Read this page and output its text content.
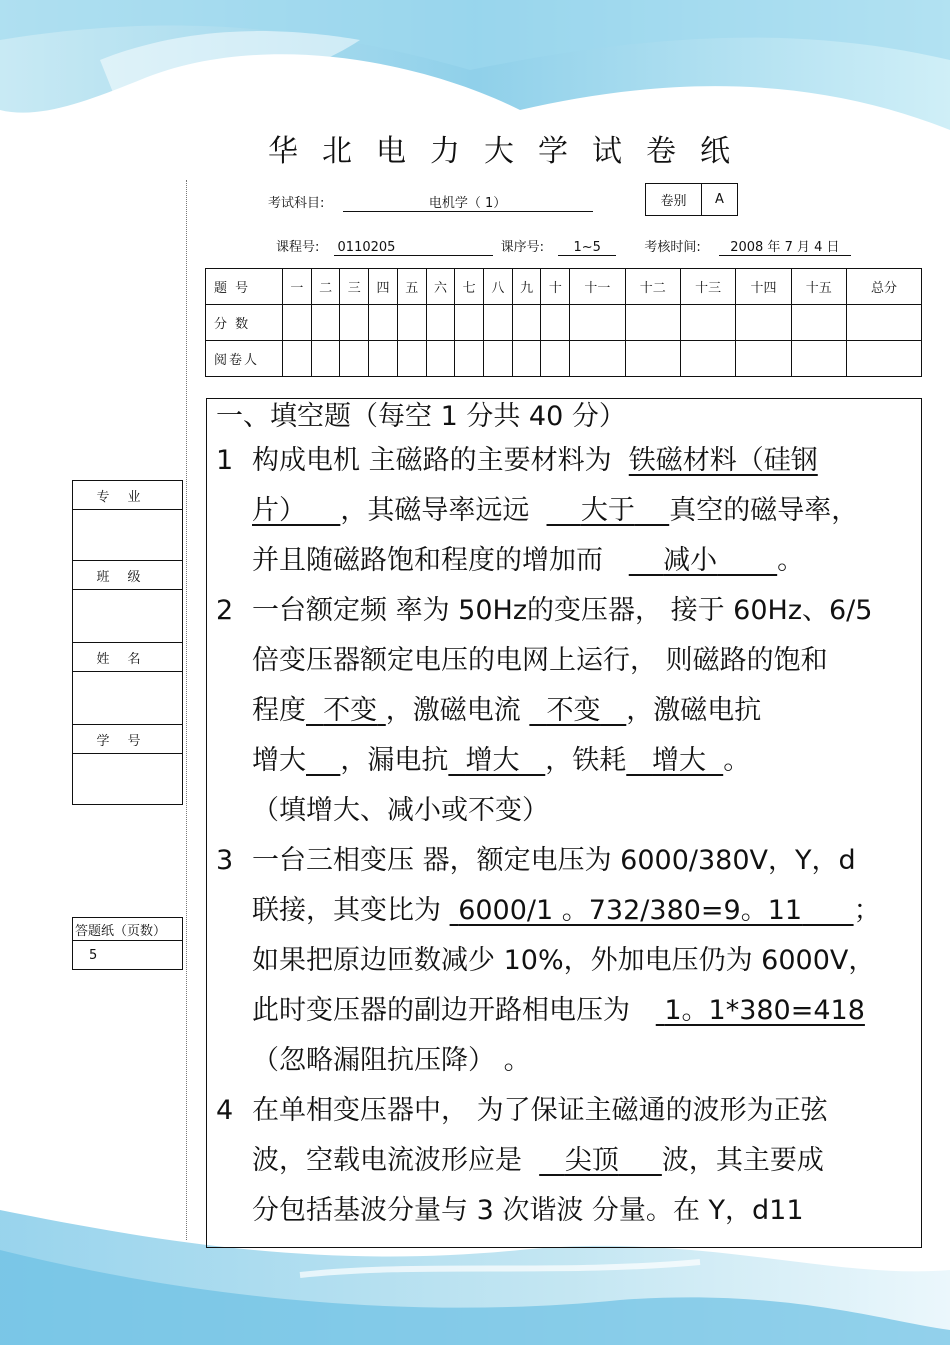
华北电力大学试卷纸
考试科目:	电机学（ 1）	卷别	A
课程号: 0110205	课序号: 1~5	考核时间: 2008 年 7 月 4 日
题 号	一	二	三	四	五	六	七	八	九	十	十一	十二	十三	十四	十五	总分
分 数																
阅卷人																
专业
班级
姓名
学号
答题纸（页数）
5

一、填空题（每空 1 分共 40 分）

1 构成电机 主磁路的主要材料为 铁磁材料（硅钢

片） ，其磁导率远远 大于 真空的磁导率，

并且随磁路饱和程度的增加而 减小 。

2 一台额定频 率为 50Hz的变压器， 接于 60Hz、6/5

倍变压器额定电压的电网上运行， 则磁路的饱和

程度 不变 ，激磁电流 不变 ，激磁电抗

增大 ，漏电抗 增大 ，铁耗 增大 。

（填增大、减小或不变）

3 一台三相变压 器，额定电压为 6000/380V，Y，d

联接，其变比为 6000/1 。732/380=9。11 ；

如果把原边匝数减少 10%，外加电压仍为 6000V，

此时变压器的副边开路相电压为 1。1*380=418

（忽略漏阻抗压降） 。

4 在单相变压器中， 为了保证主磁通的波形为正弦

波，空载电流波形应是 尖顶 波，其主要成

分包括基波分量与 3 次谐波 分量。在 Y，d11
